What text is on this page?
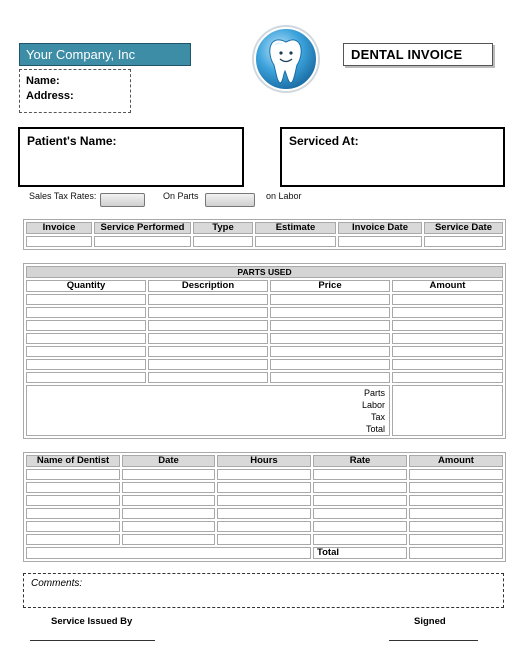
Your Company, Inc
Name:
Address:
DENTAL INVOICE
Patient's Name:	Serviced At:
Sales Tax Rates:	On Parts	on Labor
Invoice	Service Performed	Type	Estimate	Invoice Date	Service Date

PARTS USED			
Quantity	Description	Price	Amount

Parts
Labor
Tax
Total			

Name of Dentist	Date	Hours	Rate	Amount

			Total	
Comments:
Service Issued By	Signed
